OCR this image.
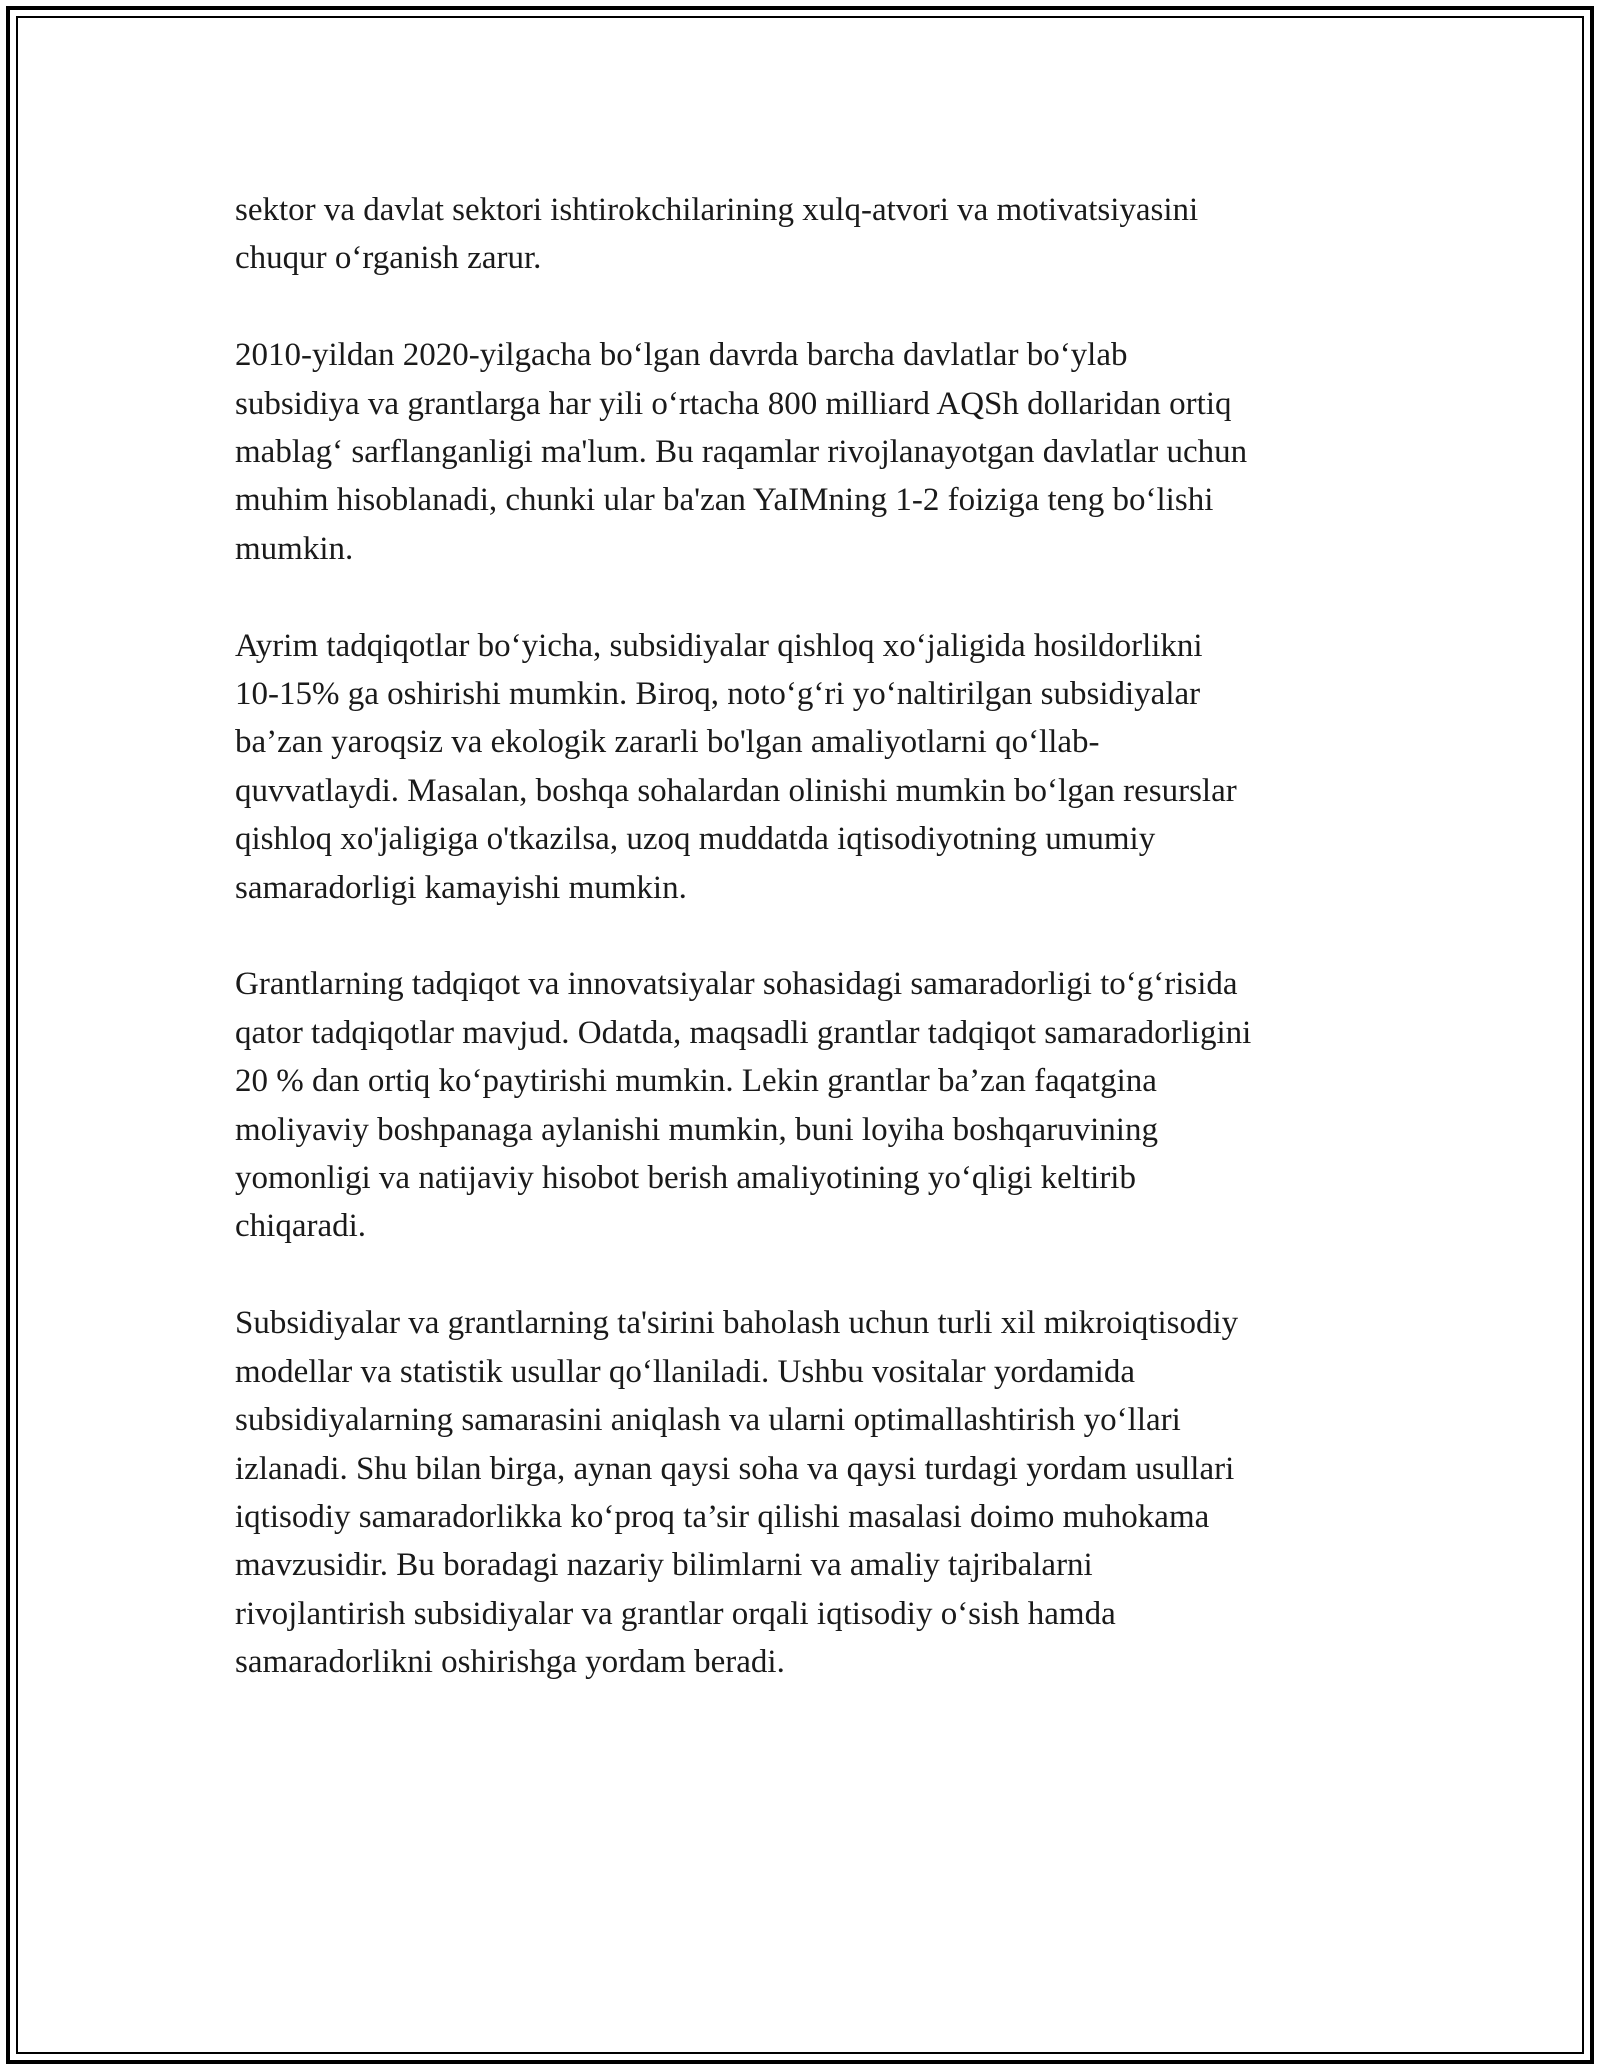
sektor va davlat sektori ishtirokchilarining xulq-atvori va motivatsiyasini
chuqur oʻrganish zarur.

2010-yildan 2020-yilgacha boʻlgan davrda barcha davlatlar boʻylab
subsidiya va grantlarga har yili oʻrtacha 800 milliard AQSh dollaridan ortiq
mablagʻ sarflanganligi ma'lum. Bu raqamlar rivojlanayotgan davlatlar uchun
muhim hisoblanadi, chunki ular ba'zan YaIMning 1-2 foiziga teng boʻlishi
mumkin.

Ayrim tadqiqotlar boʻyicha, subsidiyalar qishloq xoʻjaligida hosildorlikni
10-15% ga oshirishi mumkin. Biroq, notoʻgʻri yoʻnaltirilgan subsidiyalar
ba’zan yaroqsiz va ekologik zararli bo'lgan amaliyotlarni qoʻllab-
quvvatlaydi. Masalan, boshqa sohalardan olinishi mumkin boʻlgan resurslar
qishloq xo'jaligiga o'tkazilsa, uzoq muddatda iqtisodiyotning umumiy
samaradorligi kamayishi mumkin.

Grantlarning tadqiqot va innovatsiyalar sohasidagi samaradorligi toʻgʻrisida
qator tadqiqotlar mavjud. Odatda, maqsadli grantlar tadqiqot samaradorligini
20 % dan ortiq koʻpaytirishi mumkin. Lekin grantlar ba’zan faqatgina
moliyaviy boshpanaga aylanishi mumkin, buni loyiha boshqaruvining
yomonligi va natijaviy hisobot berish amaliyotining yoʻqligi keltirib
chiqaradi.

Subsidiyalar va grantlarning ta'sirini baholash uchun turli xil mikroiqtisodiy
modellar va statistik usullar qoʻllaniladi. Ushbu vositalar yordamida
subsidiyalarning samarasini aniqlash va ularni optimallashtirish yoʻllari
izlanadi. Shu bilan birga, aynan qaysi soha va qaysi turdagi yordam usullari
iqtisodiy samaradorlikka koʻproq ta’sir qilishi masalasi doimo muhokama
mavzusidir. Bu boradagi nazariy bilimlarni va amaliy tajribalarni
rivojlantirish subsidiyalar va grantlar orqali iqtisodiy oʻsish hamda
samaradorlikni oshirishga yordam beradi.
